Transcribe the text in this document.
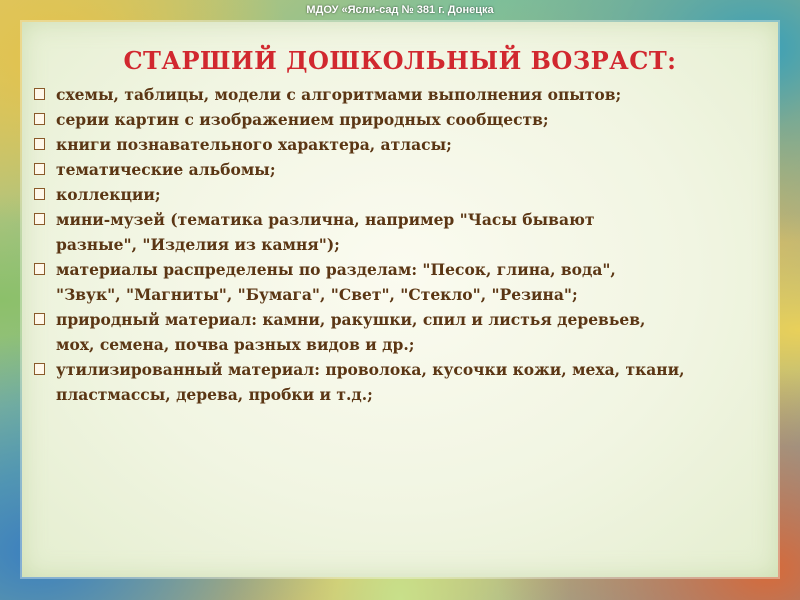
МДОУ «Ясли-сад № 381 г. Донецка
СТАРШИЙ ДОШКОЛЬНЫЙ ВОЗРАСТ:
схемы, таблицы, модели с алгоритмами выполнения опытов;
серии картин с изображением природных сообществ;
книги познавательного характера, атласы;
тематические альбомы;
коллекции;
мини-музей (тематика различна, например "Часы бывают
разные", "Изделия из камня");
материалы распределены по разделам: "Песок, глина, вода",
"Звук", "Магниты", "Бумага", "Свет", "Стекло", "Резина";
природный материал: камни, ракушки, спил и листья деревьев,
мох, семена, почва разных видов и др.;
утилизированный материал: проволока, кусочки кожи, меха, ткани,
пластмассы, дерева, пробки и т.д.;
